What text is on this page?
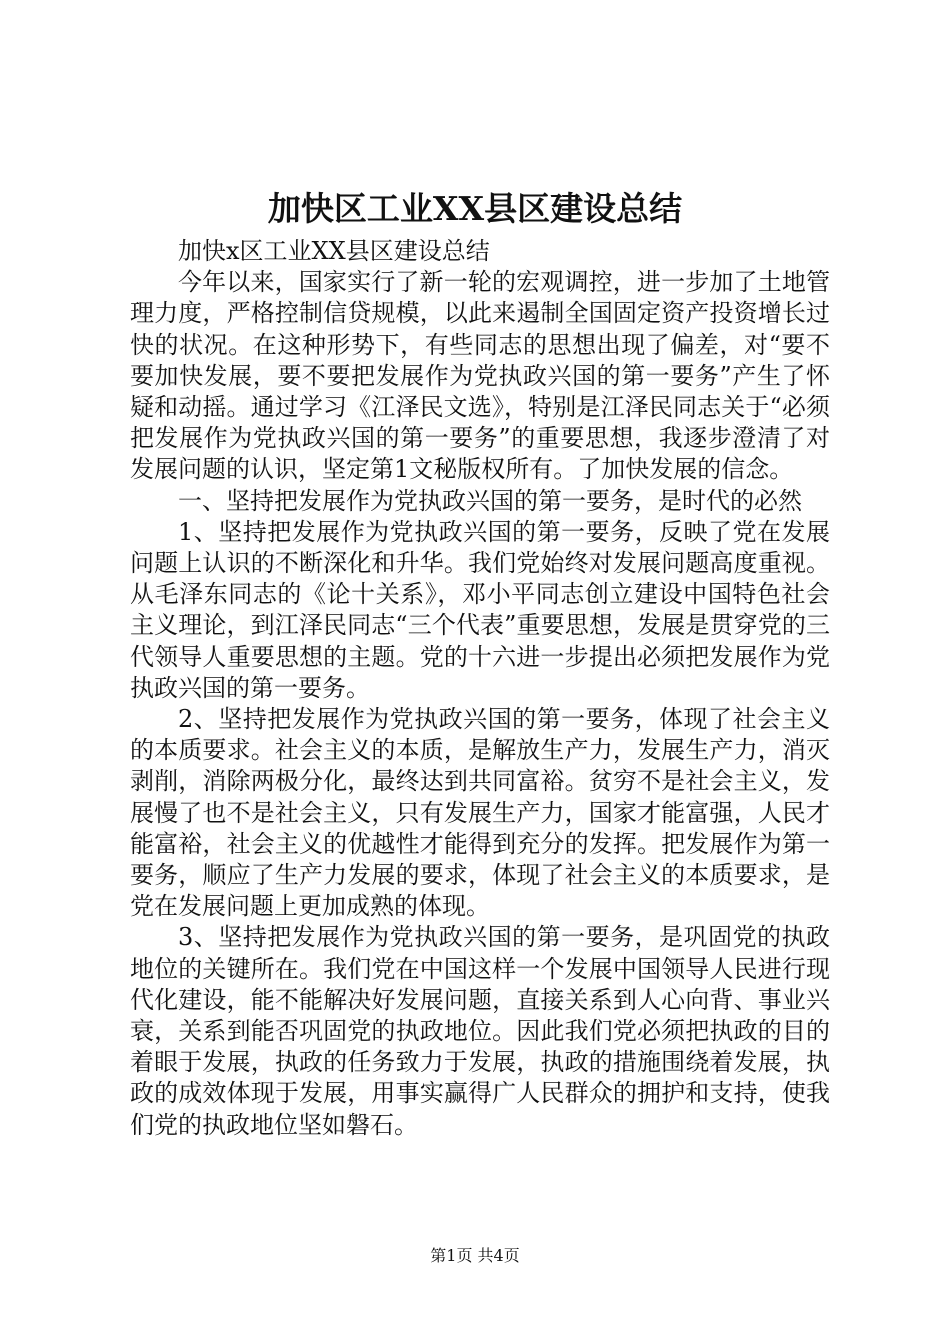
加快区工业XX县区建设总结

加快x区工业XX县区建设总结

今年以来，国家实行了新一轮的宏观调控，进一步加了土地管理力度，严格控制信贷规模，以此来遏制全国固定资产投资增长过快的状况。在这种形势下，有些同志的思想出现了偏差，对“要不要加快发展，要不要把发展作为党执政兴国的第一要务”产生了怀疑和动摇。通过学习《江泽民文选》，特别是江泽民同志关于“必须把发展作为党执政兴国的第一要务”的重要思想，我逐步澄清了对发展问题的认识，坚定第1文秘版权所有。了加快发展的信念。

一、坚持把发展作为党执政兴国的第一要务，是时代的必然

1、坚持把发展作为党执政兴国的第一要务，反映了党在发展问题上认识的不断深化和升华。我们党始终对发展问题高度重视。从毛泽东同志的《论十关系》，邓小平同志创立建设中国特色社会主义理论，到江泽民同志“三个代表”重要思想，发展是贯穿党的三代领导人重要思想的主题。党的十六进一步提出必须把发展作为党执政兴国的第一要务。

2、坚持把发展作为党执政兴国的第一要务，体现了社会主义的本质要求。社会主义的本质，是解放生产力，发展生产力，消灭剥削，消除两极分化，最终达到共同富裕。贫穷不是社会主义，发展慢了也不是社会主义，只有发展生产力，国家才能富强，人民才能富裕，社会主义的优越性才能得到充分的发挥。把发展作为第一要务，顺应了生产力发展的要求，体现了社会主义的本质要求，是党在发展问题上更加成熟的体现。

3、坚持把发展作为党执政兴国的第一要务，是巩固党的执政地位的关键所在。我们党在中国这样一个发展中国领导人民进行现代化建设，能不能解决好发展问题，直接关系到人心向背、事业兴衰，关系到能否巩固党的执政地位。因此我们党必须把执政的目的着眼于发展，执政的任务致力于发展，执政的措施围绕着发展，执政的成效体现于发展，用事实赢得广人民群众的拥护和支持，使我们党的执政地位坚如磐石。

第1页 共4页
